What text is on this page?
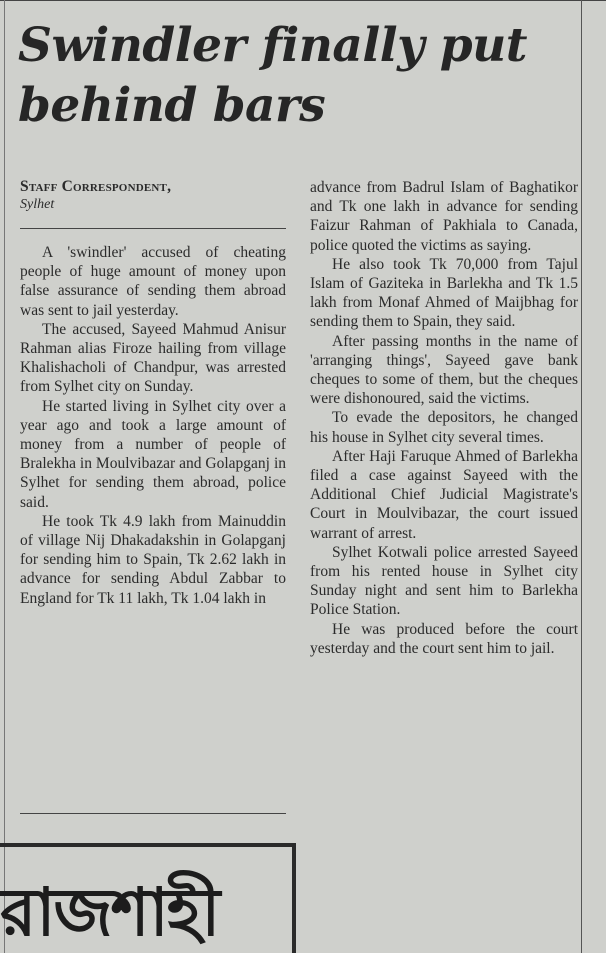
Swindler finally put
behind bars
Staff Correspondent,
Sylhet

A 'swindler' accused of cheating people of huge amount of money upon false assurance of sending them abroad was sent to jail yesterday.

The accused, Sayeed Mahmud Anisur Rahman alias Firoze hailing from village Khalishacholi of Chandpur, was arrested from Sylhet city on Sunday.

He started living in Sylhet city over a year ago and took a large amount of money from a number of people of Bralekha in Moulvibazar and Golapganj in Sylhet for sending them abroad, police said.

He took Tk 4.9 lakh from Mainuddin of village Nij Dhakadakshin in Golapganj for sending him to Spain, Tk 2.62 lakh in advance for sending Abdul Zabbar to England for Tk 11 lakh, Tk 1.04 lakh in

advance from Badrul Islam of Baghatikor and Tk one lakh in advance for sending Faizur Rahman of Pakhiala to Canada, police quoted the victims as saying.

He also took Tk 70,000 from Tajul Islam of Gaziteka in Barlekha and Tk 1.5 lakh from Monaf Ahmed of Maijbhag for sending them to Spain, they said.

After passing months in the name of 'arranging things', Sayeed gave bank cheques to some of them, but the cheques were dishonoured, said the victims.

To evade the depositors, he changed his house in Sylhet city several times.

After Haji Faruque Ahmed of Barlekha filed a case against Sayeed with the Additional Chief Judicial Magistrate's Court in Moulvibazar, the court issued warrant of arrest.

Sylhet Kotwali police arrested Sayeed from his rented house in Sylhet city Sunday night and sent him to Barlekha Police Station.

He was produced before the court yesterday and the court sent him to jail.

রাজশাহী
